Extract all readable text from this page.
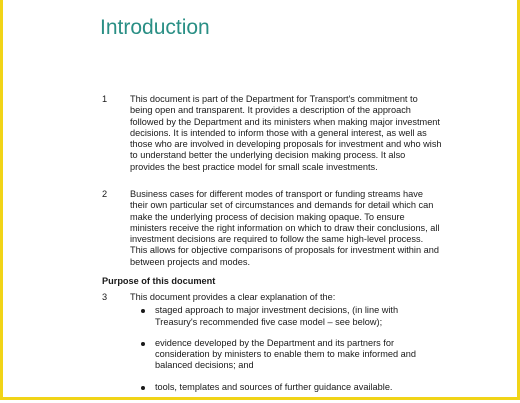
Introduction
1 This document is part of the Department for Transport's commitment to being open and transparent. It provides a description of the approach followed by the Department and its ministers when making major investment decisions. It is intended to inform those with a general interest, as well as those who are involved in developing proposals for investment and who wish to understand better the underlying decision making process. It also provides the best practice model for small scale investments.
2 Business cases for different modes of transport or funding streams have their own particular set of circumstances and demands for detail which can make the underlying process of decision making opaque. To ensure ministers receive the right information on which to draw their conclusions, all investment decisions are required to follow the same high-level process. This allows for objective comparisons of proposals for investment within and between projects and modes.
Purpose of this document
3 This document provides a clear explanation of the:
staged approach to major investment decisions, (in line with Treasury's recommended five case model – see below);
evidence developed by the Department and its partners for consideration by ministers to enable them to make informed and balanced decisions; and
tools, templates and sources of further guidance available.
